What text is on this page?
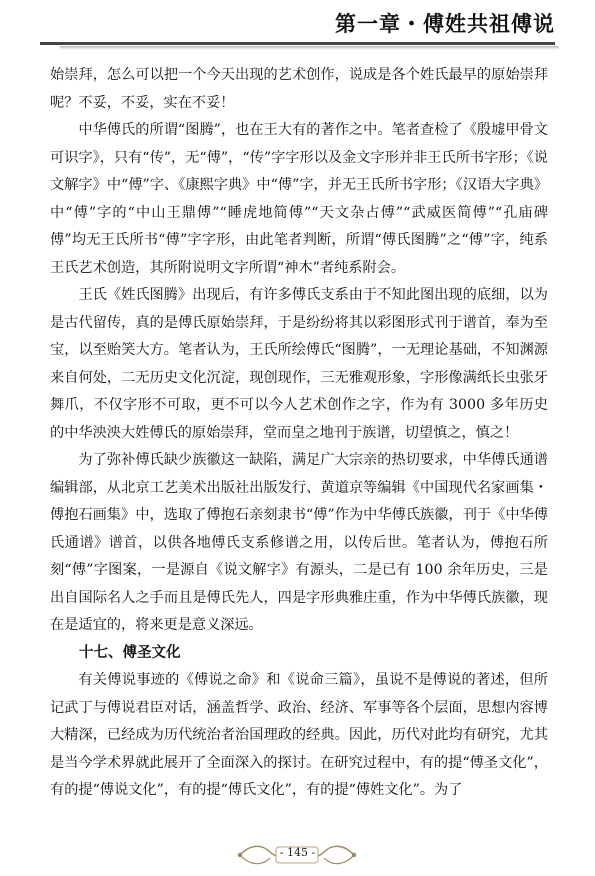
第一章・傅姓共祖傅说

始崇拜，怎么可以把一个今天出现的艺术创作，说成是各个姓氏最早的原始崇拜呢？不妥，不妥，实在不妥！

中华傅氏的所谓“图腾”，也在王大有的著作之中。笔者查检了《殷墟甲骨文可识字》，只有“传”，无“傅”，“传”字字形以及金文字形并非王氏所书字形；《说文解字》中“傅”字、《康熙字典》中“傅”字，并无王氏所书字形；《汉语大字典》中“傅”字的“中山王鼎傅”“睡虎地简傅”“天文杂占傅”“武威医简傅”“孔庙碑傅”均无王氏所书“傅”字字形，由此笔者判断，所谓“傅氏图腾”之“傅”字，纯系王氏艺术创造，其所附说明文字所谓“神木”者纯系附会。

王氏《姓氏图腾》出现后，有许多傅氏支系由于不知此图出现的底细，以为是古代留传，真的是傅氏原始崇拜，于是纷纷将其以彩图形式刊于谱首，奉为至宝，以至贻笑大方。笔者认为，王氏所绘傅氏“图腾”，一无理论基础，不知渊源来自何处，二无历史文化沉淀，现创现作，三无雅观形象，字形像满纸长虫张牙舞爪，不仅字形不可取，更不可以今人艺术创作之字，作为有 3000 多年历史的中华泱泱大姓傅氏的原始崇拜，堂而皇之地刊于族谱，切望慎之，慎之！

为了弥补傅氏缺少族徽这一缺陷，满足广大宗亲的热切要求，中华傅氏通谱编辑部，从北京工艺美术出版社出版发行、黄道京等编辑《中国现代名家画集・傅抱石画集》中，选取了傅抱石亲刻隶书“傅”作为中华傅氏族徽，刊于《中华傅氏通谱》谱首，以供各地傅氏支系修谱之用，以传后世。笔者认为，傅抱石所刻“傅”字图案，一是源自《说文解字》有源头，二是已有 100 余年历史，三是出自国际名人之手而且是傅氏先人，四是字形典雅庄重，作为中华傅氏族徽，现在是适宜的，将来更是意义深远。

十七、傅圣文化

有关傅说事迹的《傅说之命》和《说命三篇》，虽说不是傅说的著述，但所记武丁与傅说君臣对话，涵盖哲学、政治、经济、军事等各个层面，思想内容博大精深，已经成为历代统治者治国理政的经典。因此，历代对此均有研究，尤其是当今学术界就此展开了全面深入的探讨。在研究过程中，有的提“傅圣文化”，有的提“傅说文化”，有的提“傅氏文化”，有的提“傅姓文化”。为了

- 145 -
